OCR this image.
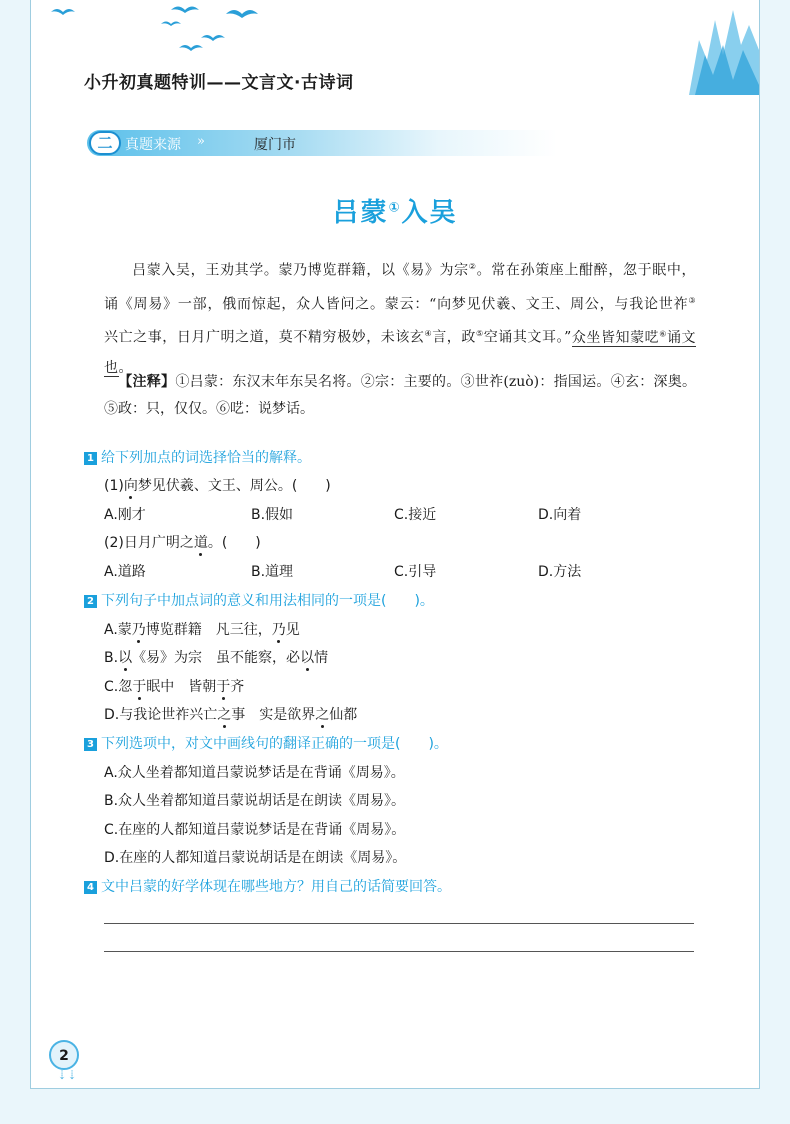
小升初真题特训——文言文·古诗词
二 真题来源 »	厦门市
吕蒙①入吴
吕蒙入吴，王劝其学。蒙乃博览群籍，以《易》为宗②。常在孙策座上酣醉，忽于眠中，诵《周易》一部，俄而惊起，众人皆问之。蒙云：“向梦见伏羲、文王、周公，与我论世祚③兴亡之事，日月广明之道，莫不精穷极妙，未该玄④言，政⑤空诵其文耳。”众坐皆知蒙呓⑥诵文也。
【注释】①吕蒙：东汉末年东吴名将。②宗：主要的。③世祚(zuò)：指国运。④玄：深奥。⑤政：只，仅仅。⑥呓：说梦话。
1 给下列加点的词选择恰当的解释。
(1)向梦见伏羲、文王、周公。(　　)
A.刚才	B.假如	C.接近	D.向着
(2)日月广明之道。(　　)
A.道路	B.道理	C.引导	D.方法
2 下列句子中加点词的意义和用法相同的一项是(　　)。
A.蒙乃博览群籍　凡三往，乃见
B.以《易》为宗　虽不能察，必以情
C.忽于眠中　皆朝于齐
D.与我论世祚兴亡之事　实是欲界之仙都
3 下列选项中，对文中画线句的翻译正确的一项是(　　)。
A.众人坐着都知道吕蒙说梦话是在背诵《周易》。
B.众人坐着都知道吕蒙说胡话是在朗读《周易》。
C.在座的人都知道吕蒙说梦话是在背诵《周易》。
D.在座的人都知道吕蒙说胡话是在朗读《周易》。
4 文中吕蒙的好学体现在哪些地方？用自己的话简要回答。
2
⇣⇣
